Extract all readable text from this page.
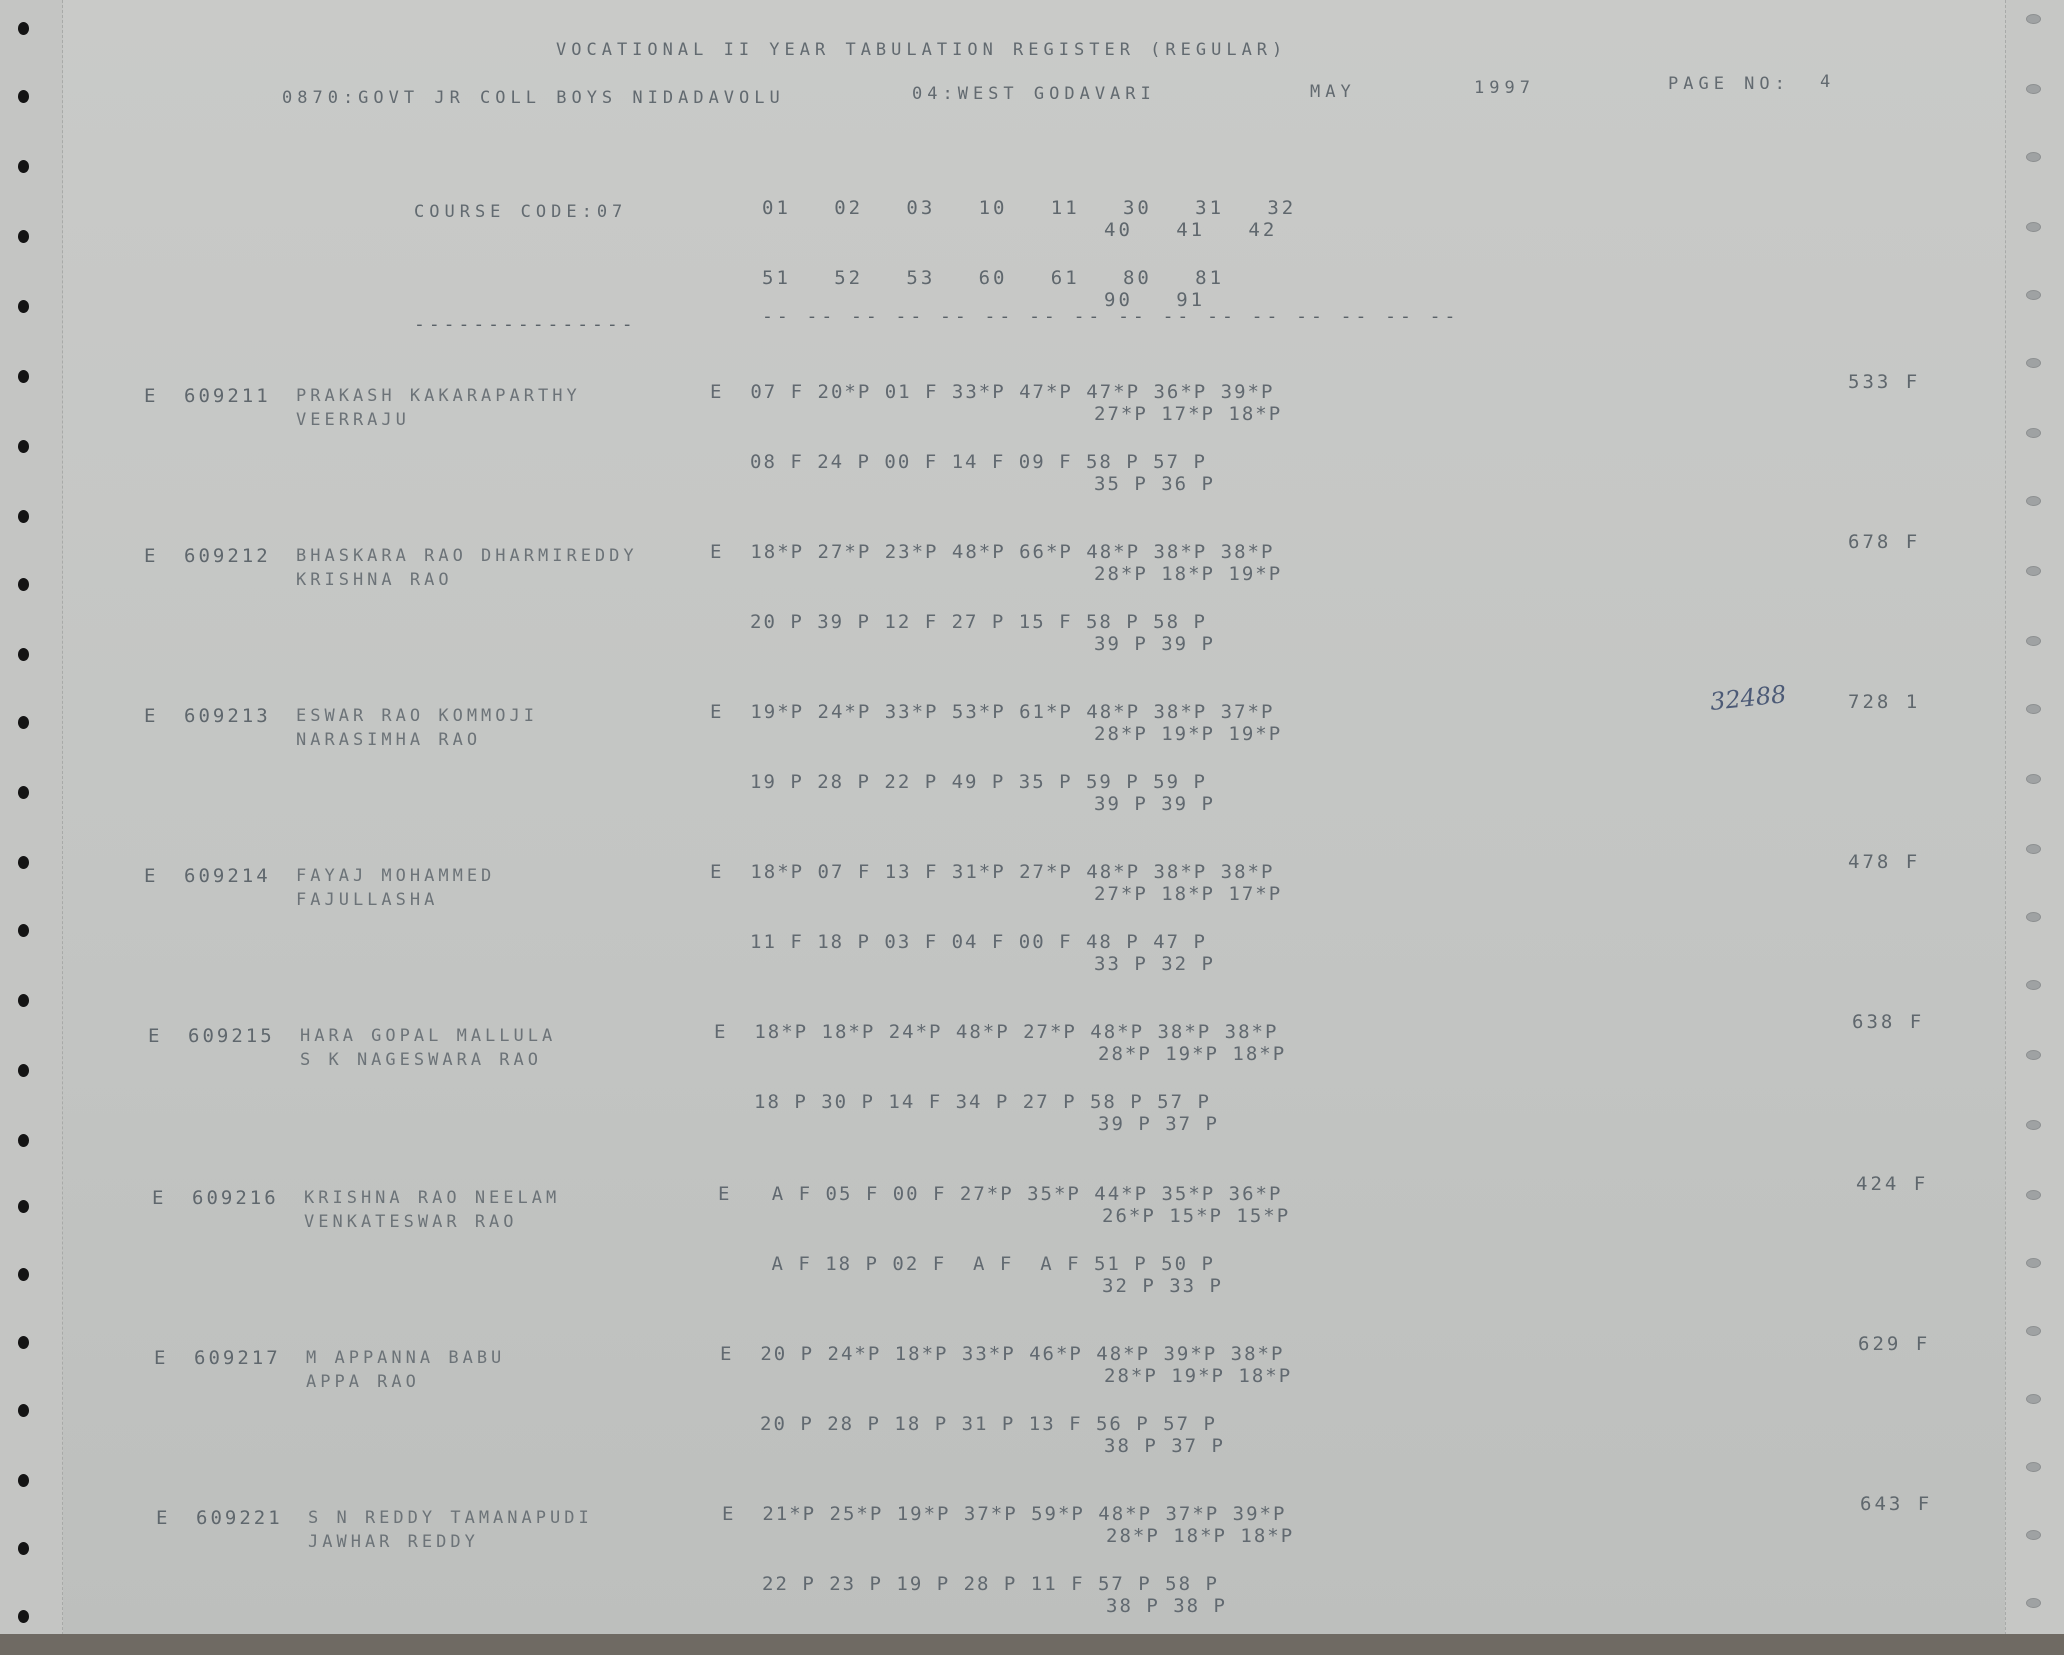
VOCATIONAL II YEAR TABULATION REGISTER (REGULAR)
0870:GOVT JR COLL BOYS NIDADAVOLU	04:WEST GODAVARI	MAY	1997	PAGE NO: 4
COURSE CODE:07	01   02   03   10   11   30   31   32
40   41   42
51   52   53   60   61   80   81
90   91
---------------	-- -- -- -- -- -- -- -- -- -- -- -- -- -- -- --
E 609211 PRAKASH KAKARAPARTHY
VEERRAJU
E  07 F 20*P 01 F 33*P 47*P 47*P 36*P 39*P
27*P 17*P 18*P
08 F 24 P 00 F 14 F 09 F 58 P 57 P
35 P 36 P
533 F
E 609212 BHASKARA RAO DHARMIREDDY
KRISHNA RAO
E  18*P 27*P 23*P 48*P 66*P 48*P 38*P 38*P
28*P 18*P 19*P
20 P 39 P 12 F 27 P 15 F 58 P 58 P
39 P 39 P
678 F
E 609213 ESWAR RAO KOMMOJI
NARASIMHA RAO
E  19*P 24*P 33*P 53*P 61*P 48*P 38*P 37*P
28*P 19*P 19*P
19 P 28 P 22 P 49 P 35 P 59 P 59 P
39 P 39 P
32488	728 1
E 609214 FAYAJ MOHAMMED
FAJULLASHA
E  18*P 07 F 13 F 31*P 27*P 48*P 38*P 38*P
27*P 18*P 17*P
11 F 18 P 03 F 04 F 00 F 48 P 47 P
33 P 32 P
478 F
E 609215 HARA GOPAL MALLULA
S K NAGESWARA RAO
E  18*P 18*P 24*P 48*P 27*P 48*P 38*P 38*P
28*P 19*P 18*P
18 P 30 P 14 F 34 P 27 P 58 P 57 P
39 P 37 P
638 F
E 609216 KRISHNA RAO NEELAM
VENKATESWAR RAO
E   A F 05 F 00 F 27*P 35*P 44*P 35*P 36*P
26*P 15*P 15*P
A F 18 P 02 F  A F  A F 51 P 50 P
32 P 33 P
424 F
E 609217 M APPANNA BABU
APPA RAO
E  20 P 24*P 18*P 33*P 46*P 48*P 39*P 38*P
28*P 19*P 18*P
20 P 28 P 18 P 31 P 13 F 56 P 57 P
38 P 37 P
629 F
E 609221 S N REDDY TAMANAPUDI
JAWHAR REDDY
E  21*P 25*P 19*P 37*P 59*P 48*P 37*P 39*P
28*P 18*P 18*P
22 P 23 P 19 P 28 P 11 F 57 P 58 P
38 P 38 P
643 F
